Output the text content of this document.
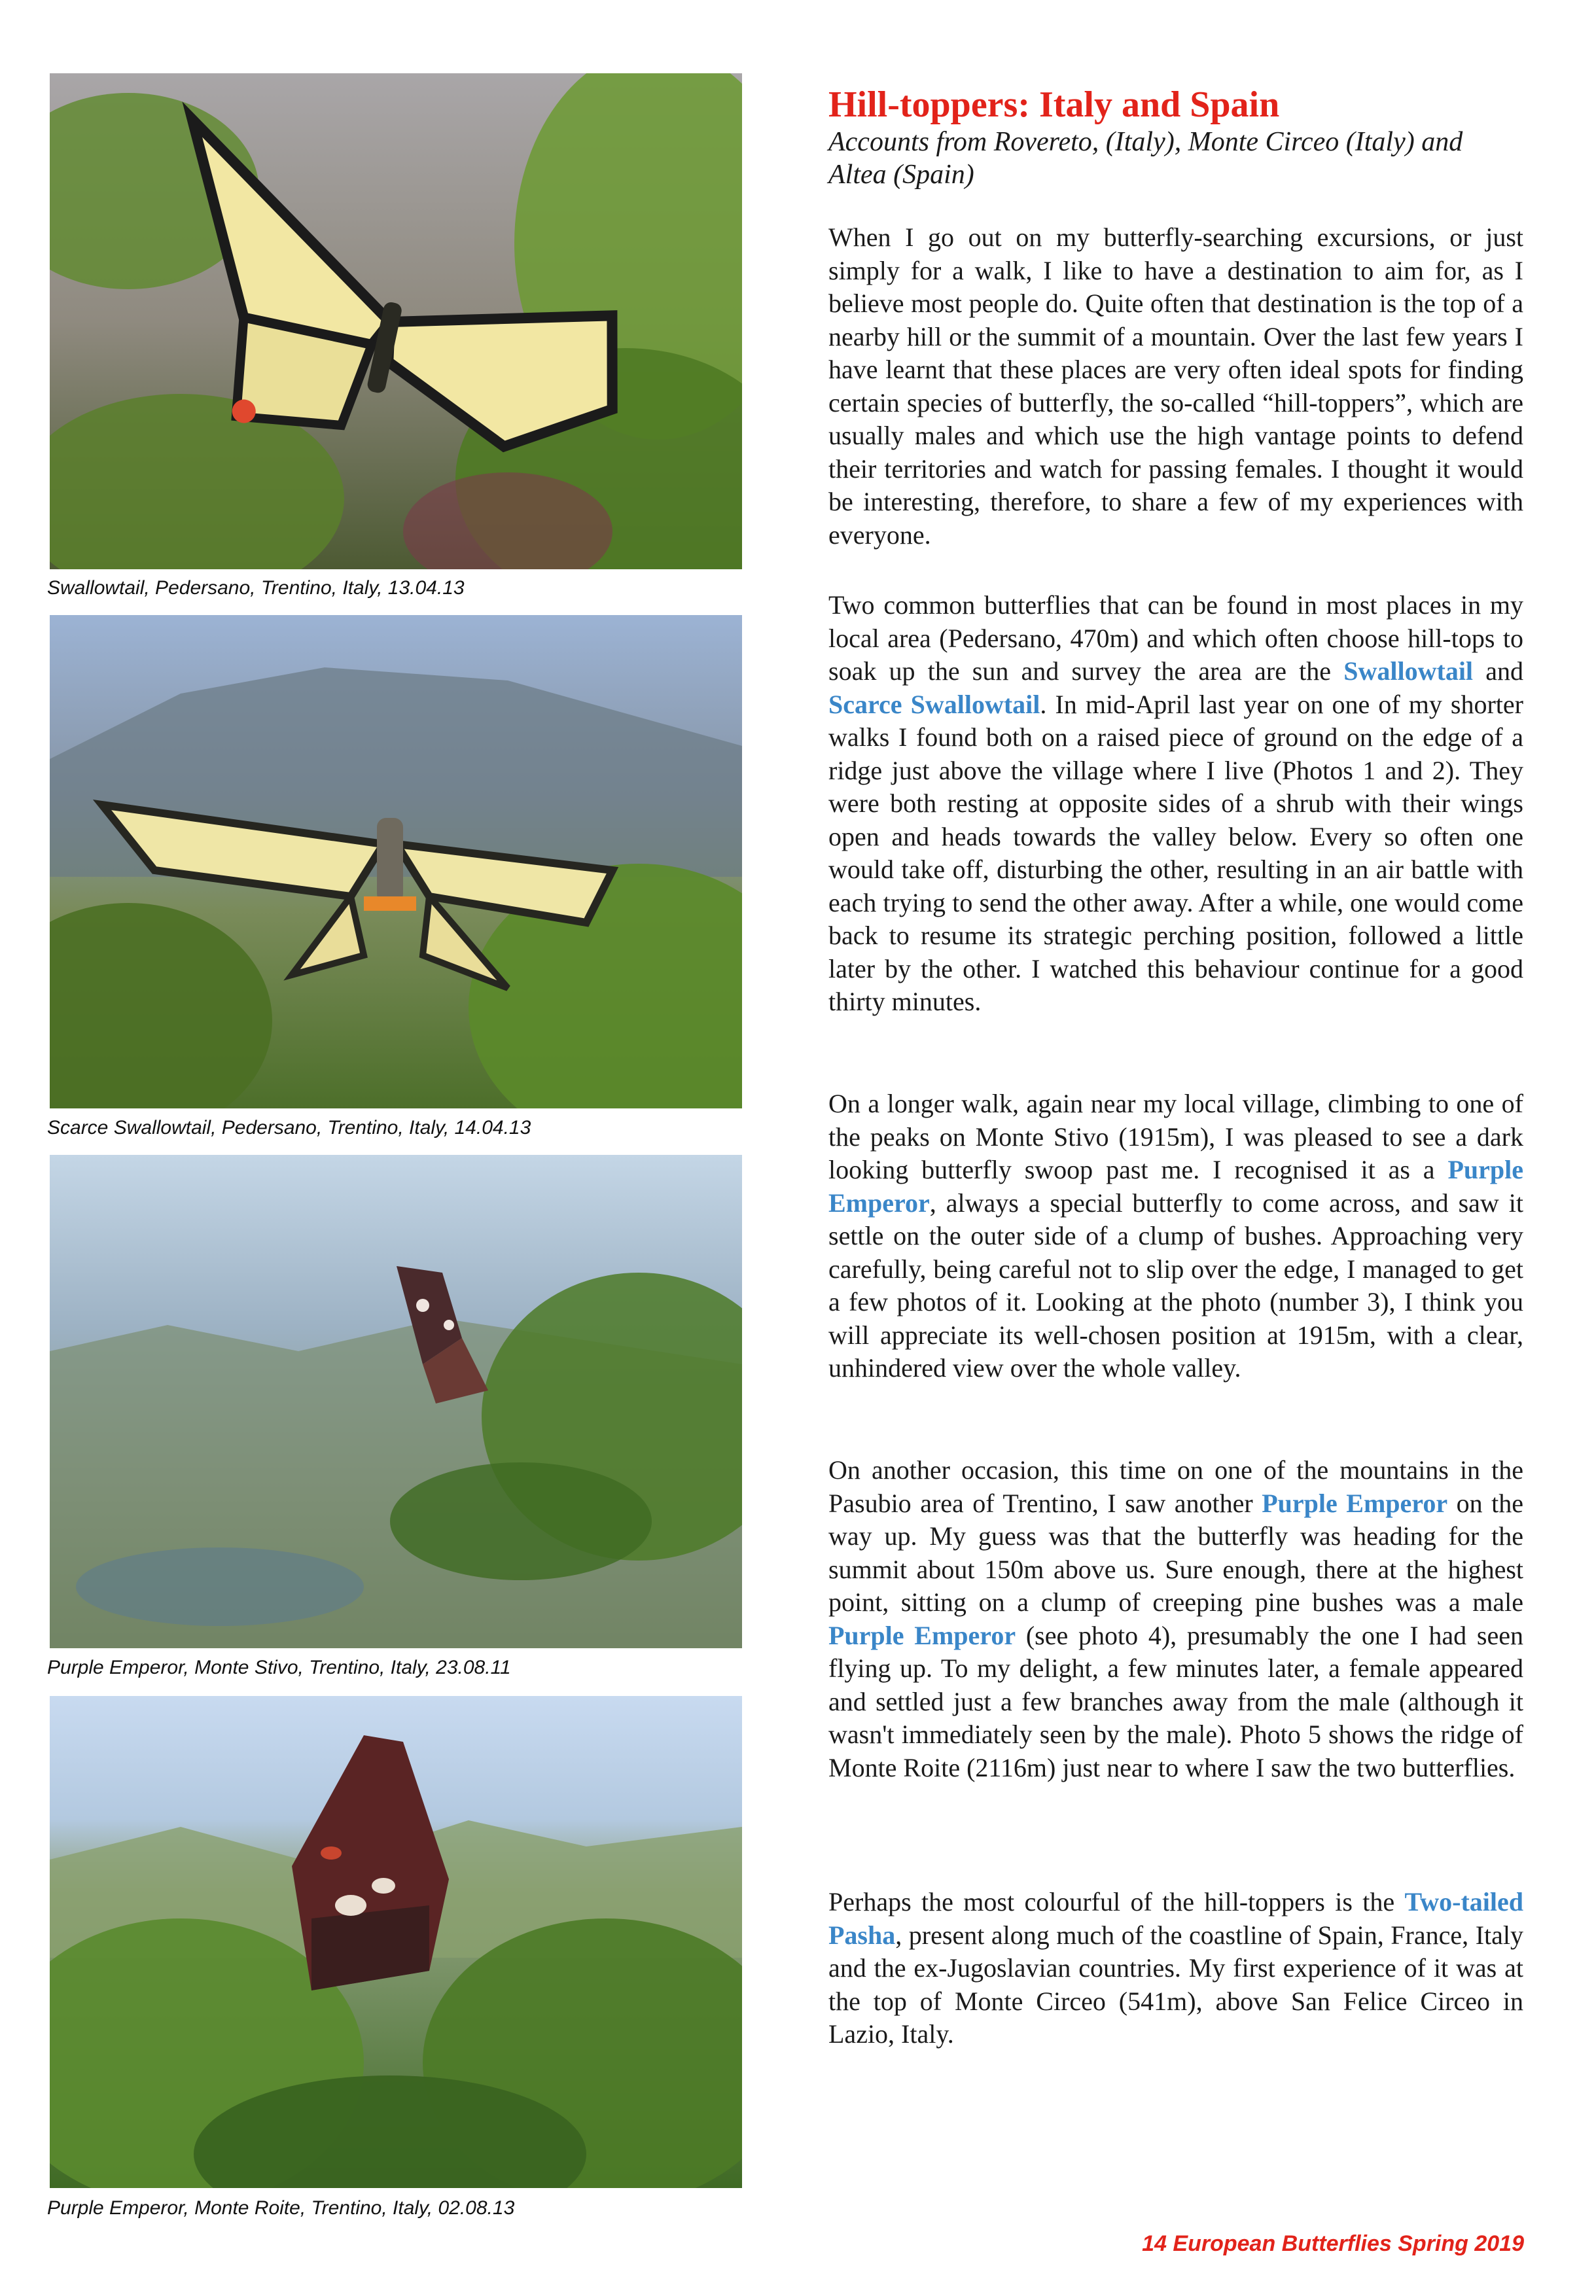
Swallowtail, Pedersano, Trentino, Italy, 13.04.13
Scarce Swallowtail, Pedersano, Trentino, Italy, 14.04.13
Purple Emperor, Monte Stivo, Trentino, Italy, 23.08.11
Purple Emperor, Monte Roite, Trentino, Italy, 02.08.13
Hill-toppers: Italy and Spain
Accounts from Rovereto, (Italy), Monte Circeo (Italy) and Altea (Spain)
When I go out on my butterfly-searching excursions, or just simply for a walk, I like to have a destination to aim for, as I believe most people do. Quite often that destination is the top of a nearby hill or the summit of a mountain. Over the last few years I have learnt that these places are very often ideal spots for finding certain species of butterfly, the so-called “hill-toppers”, which are usually males and which use the high vantage points to defend their territories and watch for passing females. I thought it would be interesting, therefore, to share a few of my experiences with everyone.
Two common butterflies that can be found in most places in my local area (Pedersano, 470m) and which often choose hill-tops to soak up the sun and survey the area are the Swallowtail and Scarce Swallowtail. In mid-April last year on one of my shorter walks I found both on a raised piece of ground on the edge of a ridge just above the village where I live (Photos 1 and 2). They were both resting at opposite sides of a shrub with their wings open and heads towards the valley below. Every so often one would take off, disturbing the other, resulting in an air battle with each trying to send the other away. After a while, one would come back to resume its strategic perching position, followed a little later by the other. I watched this behaviour continue for a good thirty minutes.
On a longer walk, again near my local village, climbing to one of the peaks on Monte Stivo (1915m), I was pleased to see a dark looking butterfly swoop past me. I recognised it as a Purple Emperor, always a special butterfly to come across, and saw it settle on the outer side of a clump of bushes. Approaching very carefully, being careful not to slip over the edge, I managed to get a few photos of it. Looking at the photo (number 3), I think you will appreciate its well-chosen position at 1915m, with a clear, unhindered view over the whole valley.
On another occasion, this time on one of the mountains in the Pasubio area of Trentino, I saw another Purple Emperor on the way up. My guess was that the butterfly was heading for the summit about 150m above us. Sure enough, there at the highest point, sitting on a clump of creeping pine bushes was a male Purple Emperor (see photo 4), presumably the one I had seen flying up. To my delight, a few minutes later, a female appeared and settled just a few branches away from the male (although it wasn't immediately seen by the male). Photo 5 shows the ridge of Monte Roite (2116m) just near to where I saw the two butterflies.
Perhaps the most colourful of the hill-toppers is the Two-tailed Pasha, present along much of the coastline of Spain, France, Italy and the ex-Jugoslavian countries. My first experience of it was at the top of Monte Circeo (541m), above San Felice Circeo in Lazio, Italy.
14 European Butterflies Spring 2019
